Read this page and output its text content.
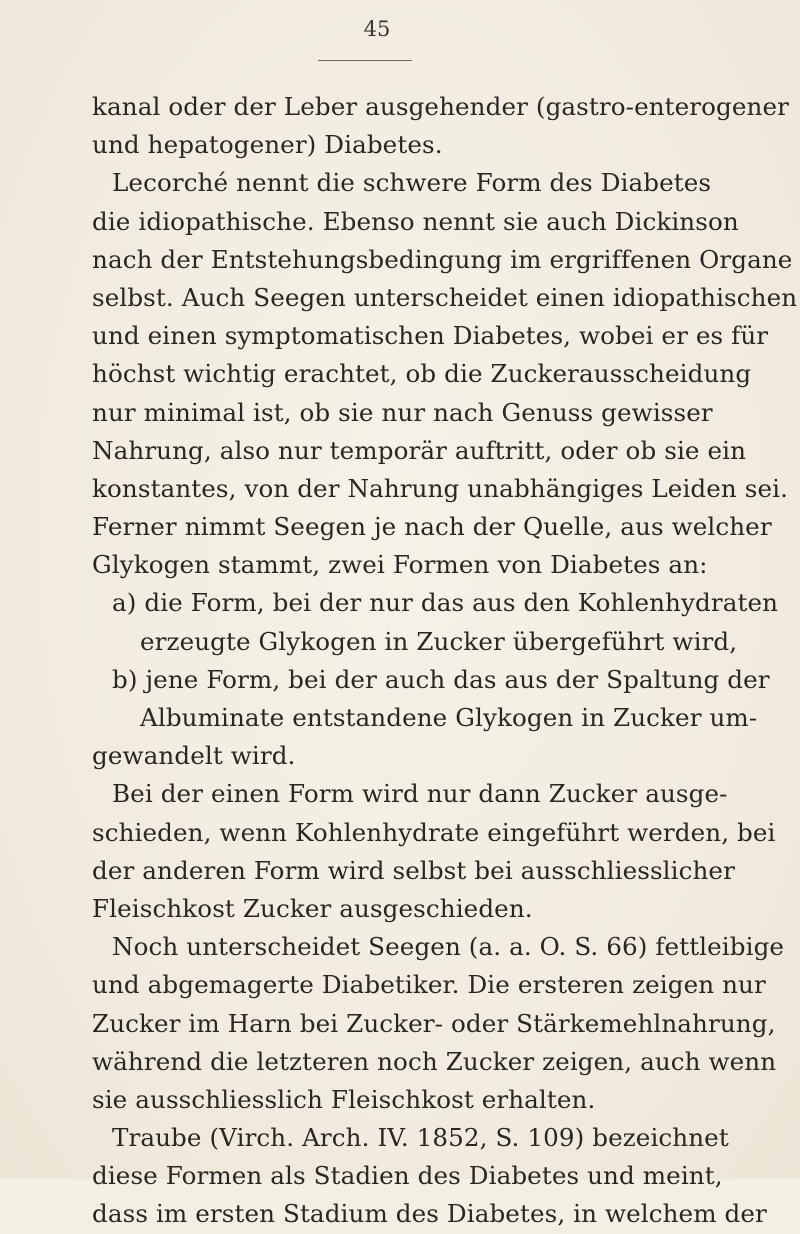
45
kanal oder der Leber ausgehender (gastro-enterogener
und hepatogener) Diabetes.
Lecorché nennt die schwere Form des Diabetes
die idiopathische. Ebenso nennt sie auch Dickinson
nach der Entstehungsbedingung im ergriffenen Organe
selbst. Auch Seegen unterscheidet einen idiopathischen
und einen symptomatischen Diabetes, wobei er es für
höchst wichtig erachtet, ob die Zuckerausscheidung
nur minimal ist, ob sie nur nach Genuss gewisser
Nahrung, also nur temporär auftritt, oder ob sie ein
konstantes, von der Nahrung unabhängiges Leiden sei.
Ferner nimmt Seegen je nach der Quelle, aus welcher
Glykogen stammt, zwei Formen von Diabetes an:
a) die Form, bei der nur das aus den Kohlenhydraten
erzeugte Glykogen in Zucker übergeführt wird,
b) jene Form, bei der auch das aus der Spaltung der
Albuminate entstandene Glykogen in Zucker um-
gewandelt wird.
Bei der einen Form wird nur dann Zucker ausge-
schieden, wenn Kohlenhydrate eingeführt werden, bei
der anderen Form wird selbst bei ausschliesslicher
Fleischkost Zucker ausgeschieden.
Noch unterscheidet Seegen (a. a. O. S. 66) fettleibige
und abgemagerte Diabetiker. Die ersteren zeigen nur
Zucker im Harn bei Zucker- oder Stärkemehlnahrung,
während die letzteren noch Zucker zeigen, auch wenn
sie ausschliesslich Fleischkost erhalten.
Traube (Virch. Arch. IV. 1852, S. 109) bezeichnet
diese Formen als Stadien des Diabetes und meint,
dass im ersten Stadium des Diabetes, in welchem der
